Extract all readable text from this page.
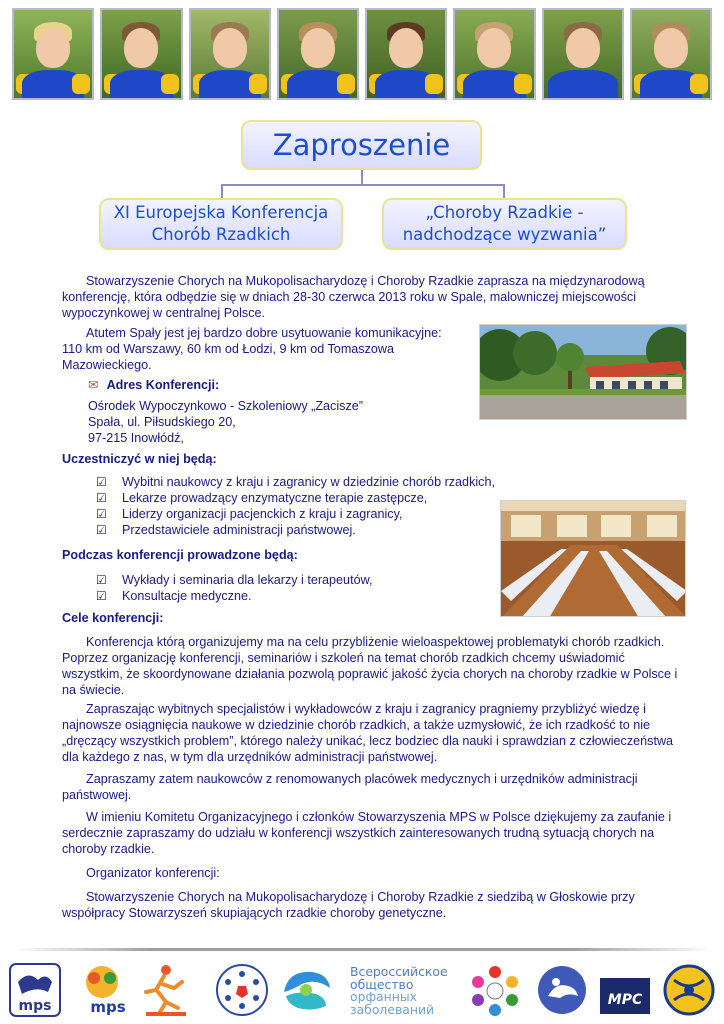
Zaproszenie
XI Europejska Konferencja
Chorób Rzadkich
„Choroby Rzadkie -
nadchodzące wyzwania”

Stowarzyszenie Chorych na Mukopolisacharydozę i Choroby Rzadkie zaprasza na międzynarodową konferencję, która odbędzie się w dniach 28-30 czerwca 2013 roku w Spale, malowniczej miejscowości wypoczynkowej w centralnej Polsce.

Atutem Spały jest jej bardzo dobre usytuowanie komunikacyjne:
110 km od Warszawy, 60 km od Łodzi, 9 km od Tomaszowa
Mazowieckiego.
✉ Adres Konferencji:
Ośrodek Wypoczynkowo - Szkoleniowy „Zacisze”
Spała, ul. Piłsudskiego 20,
97-215 Inowłódź,
Uczestniczyć w niej będą:
☑ Wybitni naukowcy z kraju i zagranicy w dziedzinie chorób rzadkich,
☑ Lekarze prowadzący enzymatyczne terapie zastępcze,
☑ Liderzy organizacji pacjenckich z kraju i zagranicy,
☑ Przedstawiciele administracji państwowej.
Podczas konferencji prowadzone będą:
☑ Wykłady i seminaria dla lekarzy i terapeutów,
☑ Konsultacje medyczne.
Cele konferencji:

Konferencja którą organizujemy ma na celu przybliżenie wieloaspektowej problematyki chorób rzadkich. Poprzez organizację konferencji, seminariów i szkoleń na temat chorób rzadkich chcemy uświadomić wszystkim, że skoordynowane działania pozwolą poprawić jakość życia chorych na choroby rzadkie w Polsce i na świecie.

Zapraszając wybitnych specjalistów i wykładowców z kraju i zagranicy pragniemy przybliżyć wiedzę i najnowsze osiągnięcia naukowe w dziedzinie chorób rzadkich, a także uzmysłowić, że ich rzadkość to nie „dręczący wszystkich problem”, którego należy unikać, lecz bodziec dla nauki i sprawdzian z człowieczeństwa dla każdego z nas, w tym dla urzędników administracji państwowej.

Zapraszamy zatem naukowców z renomowanych placówek medycznych i urzędników administracji państwowej.

W imieniu Komitetu Organizacyjnego i członków Stowarzyszenia MPS w Polsce dziękujemy za zaufanie i serdecznie zapraszamy do udziału w konferencji wszystkich zainteresowanych trudną sytuacją chorych na choroby rzadkie.

Organizator konferencji:

Stowarzyszenie Chorych na Mukopolisacharydozę i Choroby Rzadkie z siedzibą w Głoskowie przy współpracy Stowarzyszeń skupiających rzadkie choroby genetyczne.

mps	mps
Всероссийское
общество
орфанных
заболеваний
MPC
